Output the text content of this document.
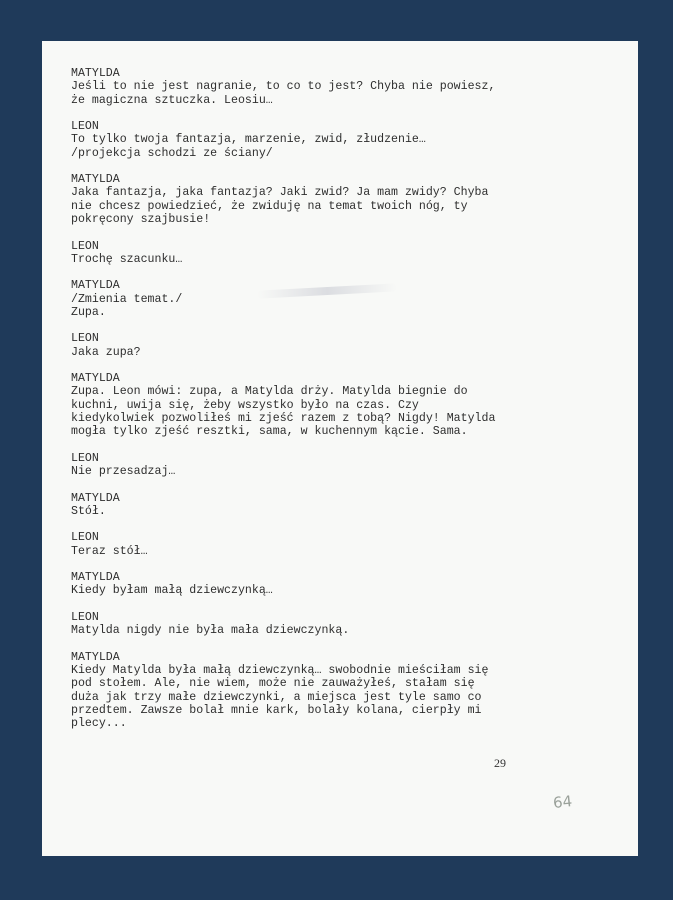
MATYLDA
Jeśli to nie jest nagranie, to co to jest? Chyba nie powiesz,
że magiczna sztuczka. Leosiu…
LEON
To tylko twoja fantazja, marzenie, zwid, złudzenie…
/projekcja schodzi ze ściany/
MATYLDA
Jaka fantazja, jaka fantazja? Jaki zwid? Ja mam zwidy? Chyba
nie chcesz powiedzieć, że zwiduję na temat twoich nóg, ty
pokręcony szajbusie!
LEON
Trochę szacunku…
MATYLDA
/Zmienia temat./
Zupa.
LEON
Jaka zupa?
MATYLDA
Zupa. Leon mówi: zupa, a Matylda drży. Matylda biegnie do
kuchni, uwija się, żeby wszystko było na czas. Czy
kiedykolwiek pozwoliłeś mi zjeść razem z tobą? Nigdy! Matylda
mogła tylko zjeść resztki, sama, w kuchennym kącie. Sama.
LEON
Nie przesadzaj…
MATYLDA
Stół.
LEON
Teraz stół…
MATYLDA
Kiedy byłam małą dziewczynką…
LEON
Matylda nigdy nie była mała dziewczynką.
MATYLDA
Kiedy Matylda była małą dziewczynką… swobodnie mieściłam się
pod stołem. Ale, nie wiem, może nie zauważyłeś, stałam się
duża jak trzy małe dziewczynki, a miejsca jest tyle samo co
przedtem. Zawsze bolał mnie kark, bolały kolana, cierpły mi
plecy...
29
64
